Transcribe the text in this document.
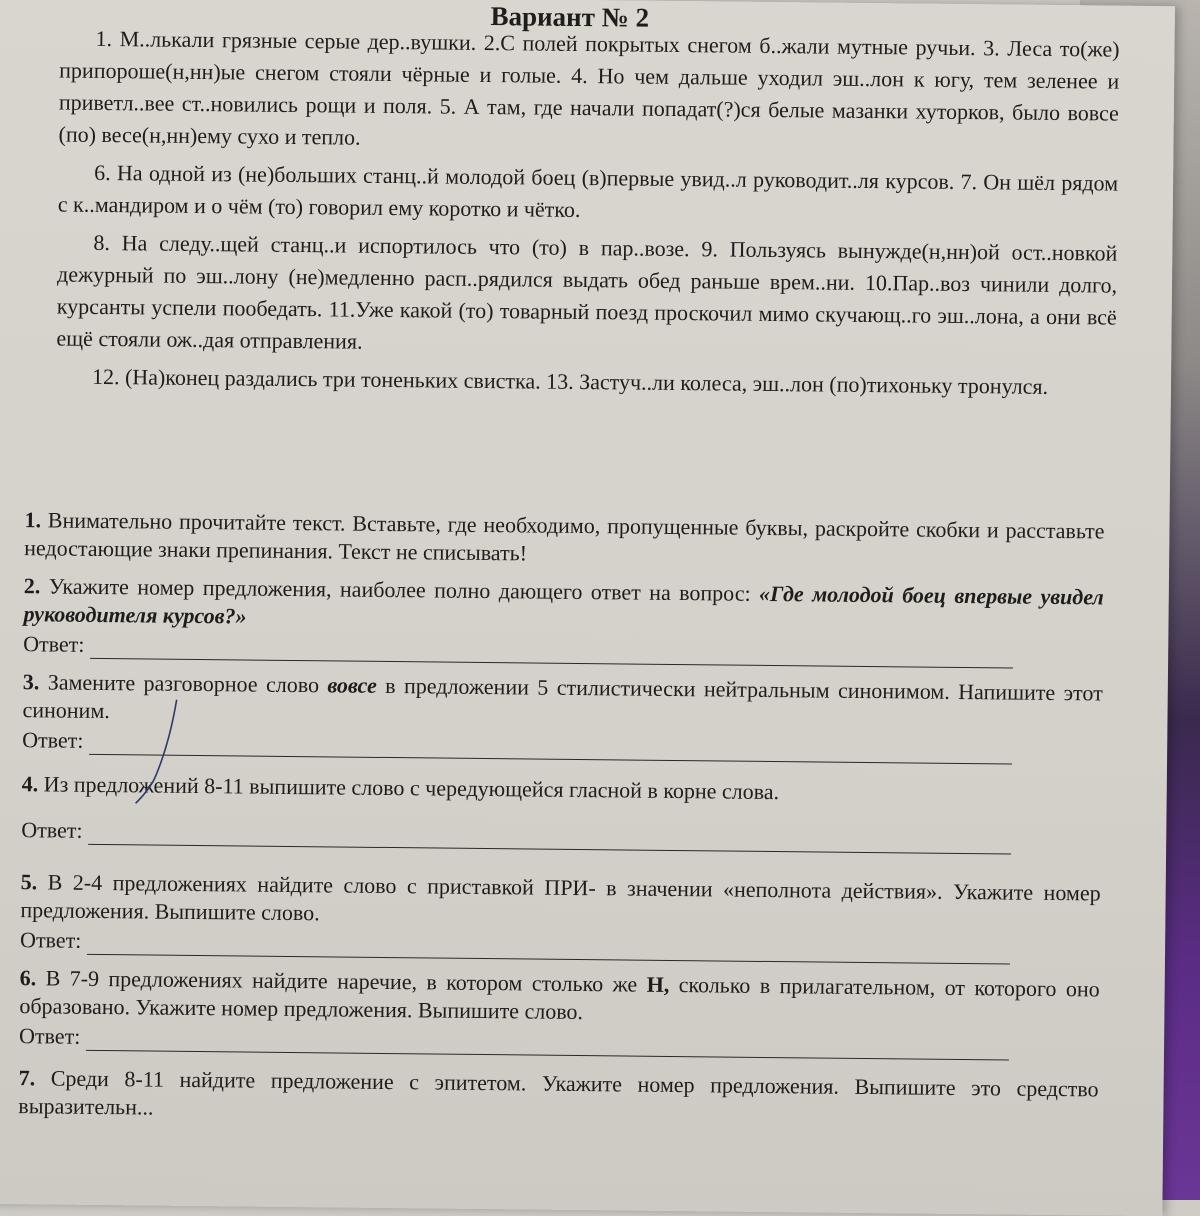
Вариант № 2

1. М..лькали грязные серые дер..вушки. 2.С полей покрытых снегом б..жали мутные ручьи. 3. Леса то(же) припороше(н,нн)ые снегом стояли чёрные и голые. 4. Но чем дальше уходил эш..лон к югу, тем зеленее и приветл..вее ст..новились рощи и поля. 5. А там, где начали попадат(?)ся белые мазанки хуторков, было вовсе (по) весе(н,нн)ему сухо и тепло.

6. На одной из (не)больших станц..й молодой боец (в)первые увид..л руководит..ля курсов. 7. Он шёл рядом с к..мандиром и о чём (то) говорил ему коротко и чётко.

8. На следу..щей станц..и испортилось что (то) в пар..возе. 9. Пользуясь вынужде(н,нн)ой ост..новкой дежурный по эш..лону (не)медленно расп..рядился выдать обед раньше врем..ни. 10.Пар..воз чинили долго, курсанты успели пообедать. 11.Уже какой (то) товарный поезд проскочил мимо скучающ..го эш..лона, а они всё ещё стояли ож..дая отправления.

12. (На)конец раздались три тоненьких свистка. 13. Застуч..ли колеса, эш..лон (по)тихоньку тронулся.

1. Внимательно прочитайте текст. Вставьте, где необходимо, пропущенные буквы, раскройте скобки и расставьте недостающие знаки препинания. Текст не списывать!
2. Укажите номер предложения, наиболее полно дающего ответ на вопрос: «Где молодой боец впервые увидел руководителя курсов?»
Ответ:
3. Замените разговорное слово вовсе в предложении 5 стилистически нейтральным синонимом. Напишите этот синоним.
Ответ:
4. Из предложений 8-11 выпишите слово с чередующейся гласной в корне слова.
Ответ:
5. В 2-4 предложениях найдите слово с приставкой ПРИ- в значении «неполнота действия». Укажите номер предложения. Выпишите слово.
Ответ:
6. В 7-9 предложениях найдите наречие, в котором столько же Н, сколько в прилагательном, от которого оно образовано. Укажите номер предложения. Выпишите слово.
Ответ:
7. Среди 8-11 найдите предложение с эпитетом. Укажите номер предложения. Выпишите это средство выразительн...
